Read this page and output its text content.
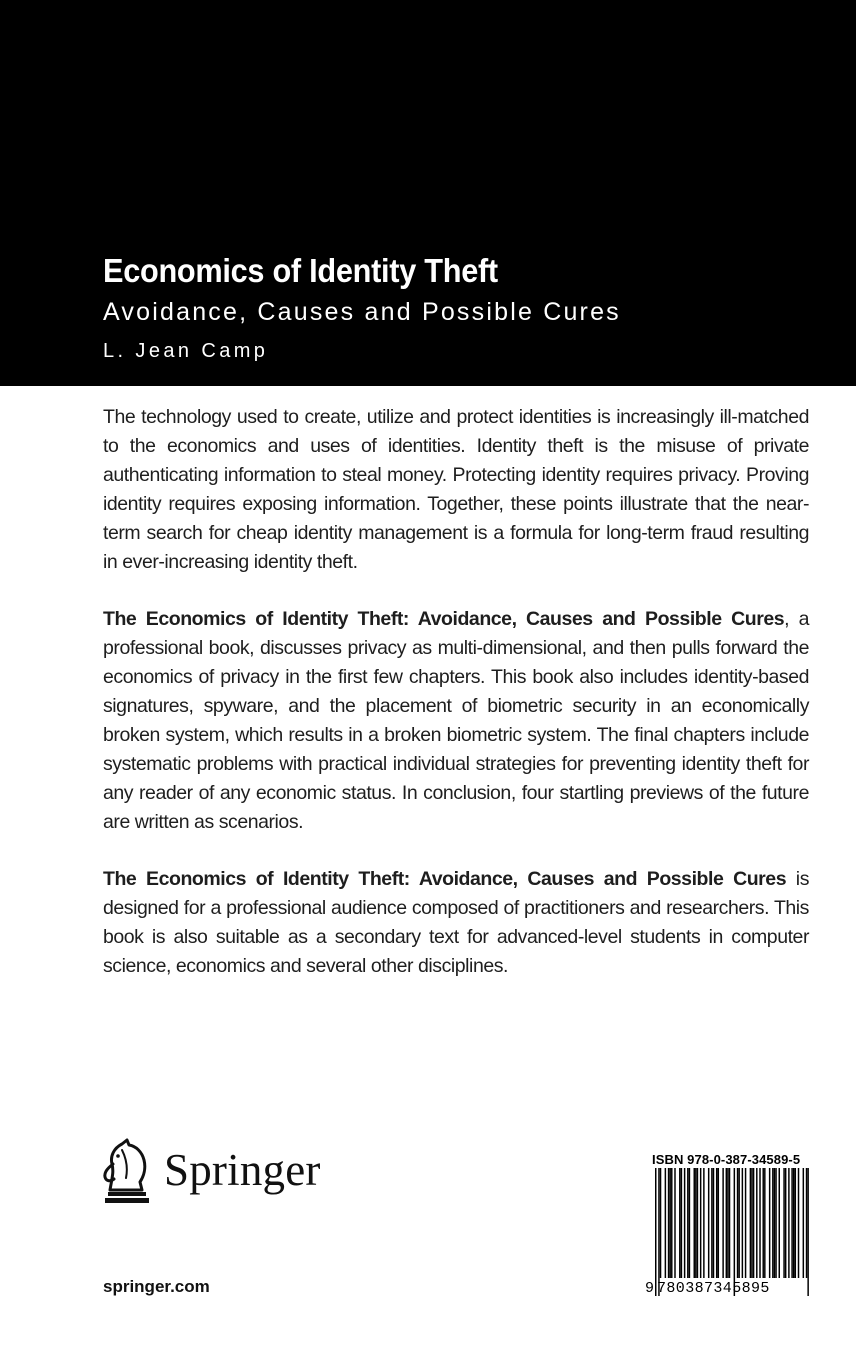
Economics of Identity Theft
Avoidance, Causes and Possible Cures
L. Jean Camp

The technology used to create, utilize and protect identities is increasingly ill-matched to the economics and uses of identities. Identity theft is the misuse of private authenticating information to steal money. Protecting identity requires privacy. Proving identity requires exposing information. Together, these points illustrate that the near-term search for cheap identity management is a formula for long-term fraud resulting in ever-increasing identity theft.

The Economics of Identity Theft: Avoidance, Causes and Possible Cures, a professional book, discusses privacy as multi-dimensional, and then pulls forward the economics of privacy in the first few chapters. This book also includes identity-based signatures, spyware, and the placement of biometric security in an economically broken system, which results in a broken biometric system. The final chapters include systematic problems with practical individual strategies for preventing identity theft for any reader of any economic status. In conclusion, four startling previews of the future are written as scenarios.

The Economics of Identity Theft: Avoidance, Causes and Possible Cures is designed for a professional audience composed of practitioners and researchers. This book is also suitable as a secondary text for advanced-level students in computer science, economics and several other disciplines.

Springer
springer.com
ISBN 978-0-387-34589-5
9 780387345895
